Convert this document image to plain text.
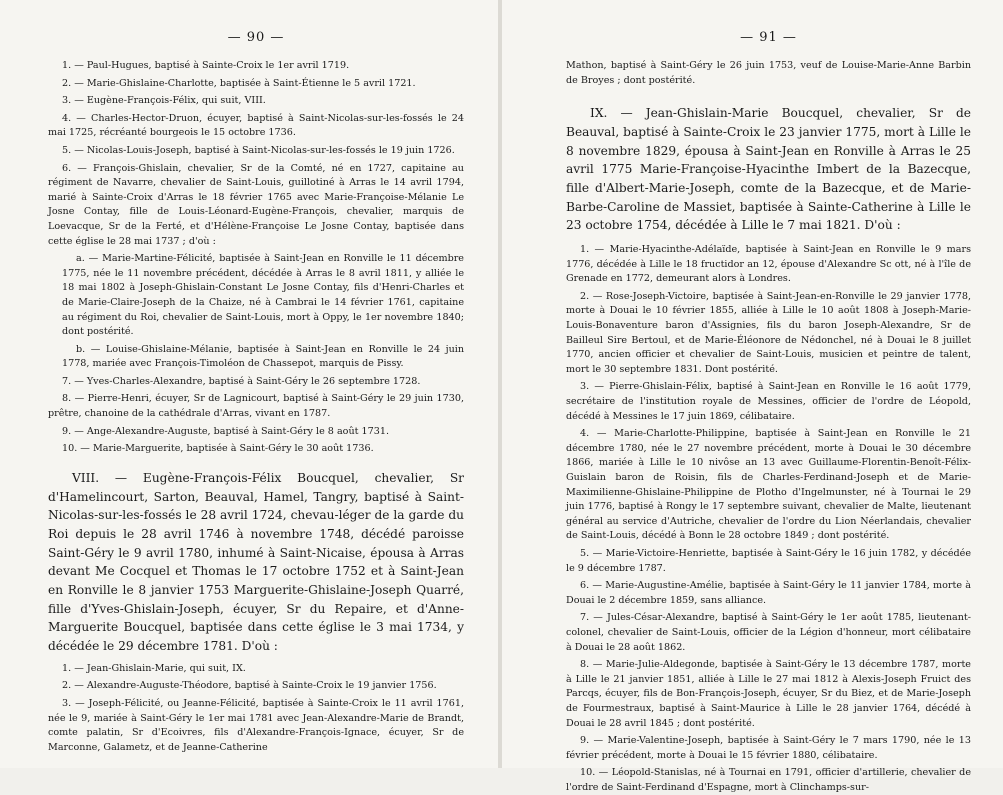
— 90 —

1. — Paul-Hugues, baptisé à Sainte-Croix le 1er avril 1719.

2. — Marie-Ghislaine-Charlotte, baptisée à Saint-Étienne le 5 avril 1721.

3. — Eugène-François-Félix, qui suit, VIII.

4. — Charles-Hector-Druon, écuyer, baptisé à Saint-Nicolas-sur-les-fossés le 24 mai 1725, récréanté bourgeois le 15 octobre 1736.

5. — Nicolas-Louis-Joseph, baptisé à Saint-Nicolas-sur-les-fossés le 19 juin 1726.

6. — François-Ghislain, chevalier, Sr de la Comté, né en 1727, capitaine au régiment de Navarre, chevalier de Saint-Louis, guillotiné à Arras le 14 avril 1794, marié à Sainte-Croix d'Arras le 18 février 1765 avec Marie-Françoise-Mélanie Le Josne Contay, fille de Louis-Léonard-Eugène-François, chevalier, marquis de Loevacque, Sr de la Ferté, et d'Hélène-Françoise Le Josne Contay, baptisée dans cette église le 28 mai 1737 ; d'où :

a. — Marie-Martine-Félicité, baptisée à Saint-Jean en Ronville le 11 décembre 1775, née le 11 novembre précédent, décédée à Arras le 8 avril 1811, y alliée le 18 mai 1802 à Joseph-Ghislain-Constant Le Josne Contay, fils d'Henri-Charles et de Marie-Claire-Joseph de la Chaize, né à Cambrai le 14 février 1761, capitaine au régiment du Roi, chevalier de Saint-Louis, mort à Oppy, le 1er novembre 1840; dont postérité.

b. — Louise-Ghislaine-Mélanie, baptisée à Saint-Jean en Ronville le 24 juin 1778, mariée avec François-Timoléon de Chassepot, marquis de Pissy.

7. — Yves-Charles-Alexandre, baptisé à Saint-Géry le 26 septembre 1728.

8. — Pierre-Henri, écuyer, Sr de Lagnicourt, baptisé à Saint-Géry le 29 juin 1730, prêtre, chanoine de la cathédrale d'Arras, vivant en 1787.

9. — Ange-Alexandre-Auguste, baptisé à Saint-Géry le 8 août 1731.

10. — Marie-Marguerite, baptisée à Saint-Géry le 30 août 1736.

VIII. — Eugène-François-Félix Boucquel, chevalier, Sr d'Hamelincourt, Sarton, Beauval, Hamel, Tangry, baptisé à Saint-Nicolas-sur-les-fossés le 28 avril 1724, chevau-léger de la garde du Roi depuis le 28 avril 1746 à novembre 1748, décédé paroisse Saint-Géry le 9 avril 1780, inhumé à Saint-Nicaise, épousa à Arras devant Me Cocquel et Thomas le 17 octobre 1752 et à Saint-Jean en Ronville le 8 janvier 1753 Marguerite-Ghislaine-Joseph Quarré, fille d'Yves-Ghislain-Joseph, écuyer, Sr du Repaire, et d'Anne-Marguerite Boucquel, baptisée dans cette église le 3 mai 1734, y décédée le 29 décembre 1781. D'où :

1. — Jean-Ghislain-Marie, qui suit, IX.

2. — Alexandre-Auguste-Théodore, baptisé à Sainte-Croix le 19 janvier 1756.

3. — Joseph-Félicité, ou Jeanne-Félicité, baptisée à Sainte-Croix le 11 avril 1761, née le 9, mariée à Saint-Géry le 1er mai 1781 avec Jean-Alexandre-Marie de Brandt, comte palatin, Sr d'Ecoivres, fils d'Alexandre-François-Ignace, écuyer, Sr de Marconne, Galametz, et de Jeanne-Catherine

— 91 —

Mathon, baptisé à Saint-Géry le 26 juin 1753, veuf de Louise-Marie-Anne Barbin de Broyes ; dont postérité.

IX. — Jean-Ghislain-Marie Boucquel, chevalier, Sr de Beauval, baptisé à Sainte-Croix le 23 janvier 1775, mort à Lille le 8 novembre 1829, épousa à Saint-Jean en Ronville à Arras le 25 avril 1775 Marie-Françoise-Hyacinthe Imbert de la Bazecque, fille d'Albert-Marie-Joseph, comte de la Bazecque, et de Marie-Barbe-Caroline de Massiet, baptisée à Sainte-Catherine à Lille le 23 octobre 1754, décédée à Lille le 7 mai 1821. D'où :

1. — Marie-Hyacinthe-Adélaïde, baptisée à Saint-Jean en Ronville le 9 mars 1776, décédée à Lille le 18 fructidor an 12, épouse d'Alexandre Sc ott, né à l'île de Grenade en 1772, demeurant alors à Londres.

2. — Rose-Joseph-Victoire, baptisée à Saint-Jean-en-Ronville le 29 janvier 1778, morte à Douai le 10 février 1855, alliée à Lille le 10 août 1808 à Joseph-Marie-Louis-Bonaventure baron d'Assignies, fils du baron Joseph-Alexandre, Sr de Bailleul Sire Bertoul, et de Marie-Éléonore de Nédonchel, né à Douai le 8 juillet 1770, ancien officier et chevalier de Saint-Louis, musicien et peintre de talent, mort le 30 septembre 1831. Dont postérité.

3. — Pierre-Ghislain-Félix, baptisé à Saint-Jean en Ronville le 16 août 1779, secrétaire de l'institution royale de Messines, officier de l'ordre de Léopold, décédé à Messines le 17 juin 1869, célibataire.

4. — Marie-Charlotte-Philippine, baptisée à Saint-Jean en Ronville le 21 décembre 1780, née le 27 novembre précédent, morte à Douai le 30 décembre 1866, mariée à Lille le 10 nivôse an 13 avec Guillaume-Florentin-Benoît-Félix-Guislain baron de Roisin, fils de Charles-Ferdinand-Joseph et de Marie-Maximilienne-Ghislaine-Philippine de Plotho d'Ingelmunster, né à Tournai le 29 juin 1776, baptisé à Rongy le 17 septembre suivant, chevalier de Malte, lieutenant général au service d'Autriche, chevalier de l'ordre du Lion Néerlandais, chevalier de Saint-Louis, décédé à Bonn le 28 octobre 1849 ; dont postérité.

5. — Marie-Victoire-Henriette, baptisée à Saint-Géry le 16 juin 1782, y décédée le 9 décembre 1787.

6. — Marie-Augustine-Amélie, baptisée à Saint-Géry le 11 janvier 1784, morte à Douai le 2 décembre 1859, sans alliance.

7. — Jules-César-Alexandre, baptisé à Saint-Géry le 1er août 1785, lieutenant-colonel, chevalier de Saint-Louis, officier de la Légion d'honneur, mort célibataire à Douai le 28 août 1862.

8. — Marie-Julie-Aldegonde, baptisée à Saint-Géry le 13 décembre 1787, morte à Lille le 21 janvier 1851, alliée à Lille le 27 mai 1812 à Alexis-Joseph Fruict des Parcqs, écuyer, fils de Bon-François-Joseph, écuyer, Sr du Biez, et de Marie-Joseph de Fourmestraux, baptisé à Saint-Maurice à Lille le 28 janvier 1764, décédé à Douai le 28 avril 1845 ; dont postérité.

9. — Marie-Valentine-Joseph, baptisée à Saint-Géry le 7 mars 1790, née le 13 février précédent, morte à Douai le 15 février 1880, célibataire.

10. — Léopold-Stanislas, né à Tournai en 1791, officier d'artillerie, chevalier de l'ordre de Saint-Ferdinand d'Espagne, mort à Clinchamps-sur-
